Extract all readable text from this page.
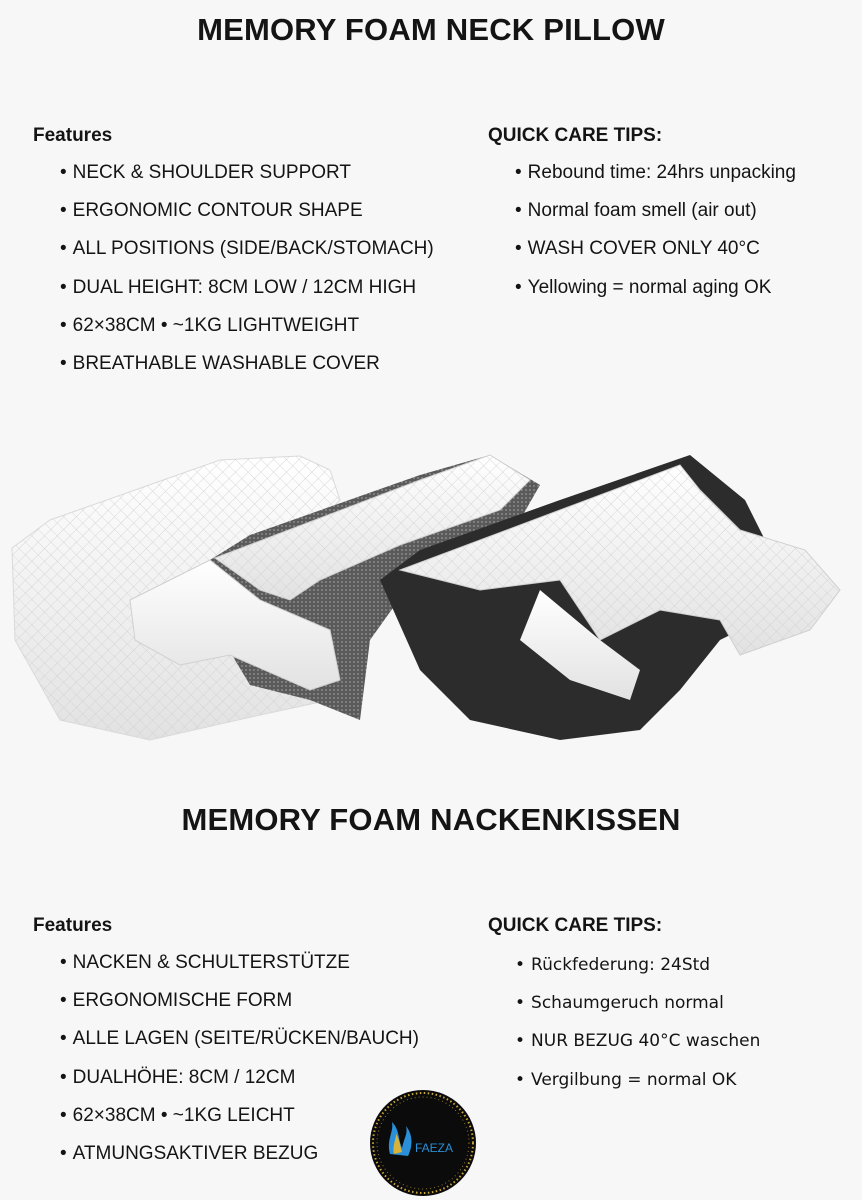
MEMORY FOAM NECK PILLOW
Features
• NECK & SHOULDER SUPPORT
• ERGONOMIC CONTOUR SHAPE
• ALL POSITIONS (SIDE/BACK/STOMACH)
• DUAL HEIGHT: 8CM LOW / 12CM HIGH
• 62×38CM • ~1KG LIGHTWEIGHT
• BREATHABLE WASHABLE COVER
QUICK CARE TIPS:
• Rebound time: 24hrs unpacking
• Normal foam smell (air out)
• WASH COVER ONLY 40°C
• Yellowing = normal aging OK
MEMORY FOAM NACKENKISSEN
Features
• NACKEN & SCHULTERSTÜTZE
• ERGONOMISCHE FORM
• ALLE LAGEN (SEITE/RÜCKEN/BAUCH)
• DUALHÖHE: 8CM / 12CM
• 62×38CM • ~1KG LEICHT
• ATMUNGSAKTIVER BEZUG
QUICK CARE TIPS:
• Rückfederung: 24Std
• Schaumgeruch normal
• NUR BEZUG 40°C waschen
• Vergilbung = normal OK
FAEZA
